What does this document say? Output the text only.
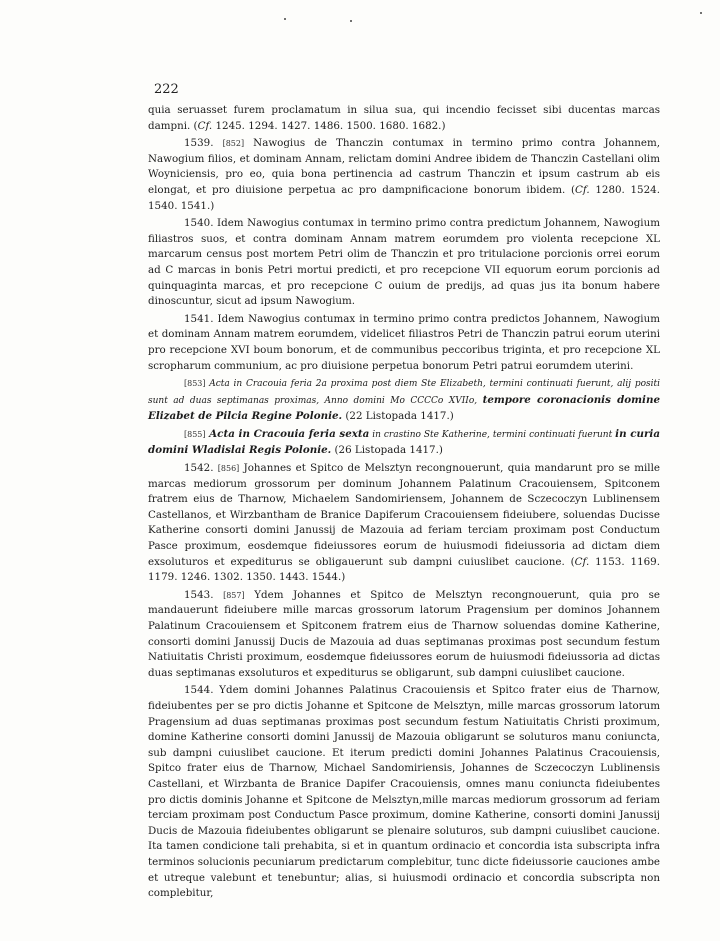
222

quia seruasset furem proclamatum in silua sua, qui incendio fecisset sibi ducentas marcas dampni. (Cf. 1245. 1294. 1427. 1486. 1500. 1680. 1682.)

1539. [852] Nawogius de Thanczin contumax in termino primo contra Johannem, Nawogium filios, et dominam Annam, relictam domini Andree ibidem de Thanczin Castellani olim Woyniciensis, pro eo, quia bona pertinencia ad castrum Thanczin et ipsum castrum ab eis elongat, et pro diuisione perpetua ac pro dampnificacione bonorum ibidem. (Cf. 1280. 1524. 1540. 1541.)

1540. Idem Nawogius contumax in termino primo contra predictum Johannem, Nawogium filiastros suos, et contra dominam Annam matrem eorumdem pro violenta recepcione XL marcarum census post mortem Petri olim de Thanczin et pro tritulacione porcionis orrei eorum ad C marcas in bonis Petri mortui predicti, et pro recepcione VII equorum eorum porcionis ad quinquaginta marcas, et pro recepcione C ouium de predijs, ad quas jus ita bonum habere dinoscuntur, sicut ad ipsum Nawogium.

1541. Idem Nawogius contumax in termino primo contra predictos Johannem, Nawogium et dominam Annam matrem eorumdem, videlicet filiastros Petri de Thanczin patrui eorum uterini pro recepcione XVI boum bonorum, et de communibus peccoribus triginta, et pro recepcione XL scropharum communium, ac pro diuisione perpetua bonorum Petri patrui eorumdem uterini.

[853] Acta in Cracouia feria 2a proxima post diem Ste Elizabeth, termini continuati fuerunt, alij positi sunt ad duas septimanas proximas, Anno domini Mo CCCCo XVIIo, tempore coronacionis domine Elizabet de Pilcia Regine Polonie. (22 Listopada 1417.)

[855] Acta in Cracouia feria sexta in crastino Ste Katherine, termini continuati fuerunt in curia domini Wladislai Regis Polonie. (26 Listopada 1417.)

1542. [856] Johannes et Spitco de Melsztyn recongnouerunt, quia mandarunt pro se mille marcas mediorum grossorum per dominum Johannem Palatinum Cracouiensem, Spitconem fratrem eius de Tharnow, Michaelem Sandomiriensem, Johannem de Sczecoczyn Lublinensem Castellanos, et Wirzbantham de Branice Dapiferum Cracouiensem fideiubere, soluendas Ducisse Katherine consorti domini Janussij de Mazouia ad feriam terciam proximam post Conductum Pasce proximum, eosdemque fideiussores eorum de huiusmodi fideiussoria ad dictam diem exsoluturos et expediturus se obligauerunt sub dampni cuiuslibet caucione. (Cf. 1153. 1169. 1179. 1246. 1302. 1350. 1443. 1544.)

1543. [857] Ydem Johannes et Spitco de Melsztyn recongnouerunt, quia pro se mandauerunt fideiubere mille marcas grossorum latorum Pragensium per dominos Johannem Palatinum Cracouiensem et Spitconem fratrem eius de Tharnow soluendas domine Katherine, consorti domini Janussij Ducis de Mazouia ad duas septimanas proximas post secundum festum Natiuitatis Christi proximum, eosdemque fideiussores eorum de huiusmodi fideiussoria ad dictas duas septimanas exsoluturos et expediturus se obligarunt, sub dampni cuiuslibet caucione.

1544. Ydem domini Johannes Palatinus Cracouiensis et Spitco frater eius de Tharnow, fideiubentes per se pro dictis Johanne et Spitcone de Melsztyn, mille marcas grossorum latorum Pragensium ad duas septimanas proximas post secundum festum Natiuitatis Christi proximum, domine Katherine consorti domini Janussij de Mazouia obligarunt se soluturos manu coniuncta, sub dampni cuiuslibet caucione. Et iterum predicti domini Johannes Palatinus Cracouiensis, Spitco frater eius de Tharnow, Michael Sandomiriensis, Johannes de Sczecoczyn Lublinensis Castellani, et Wirzbanta de Branice Dapifer Cracouiensis, omnes manu coniuncta fideiubentes pro dictis dominis Johanne et Spitcone de Melsztyn,mille marcas mediorum grossorum ad feriam terciam proximam post Conductum Pasce proximum, domine Katherine, consorti domini Janussij Ducis de Mazouia fideiubentes obligarunt se plenaire soluturos, sub dampni cuiuslibet caucione. Ita tamen condicione tali prehabita, si et in quantum ordinacio et concordia ista subscripta infra terminos solucionis pecuniarum predictarum complebitur, tunc dicte fideiussorie cauciones ambe et utreque valebunt et tenebuntur; alias, si huiusmodi ordinacio et concordia subscripta non complebitur,
